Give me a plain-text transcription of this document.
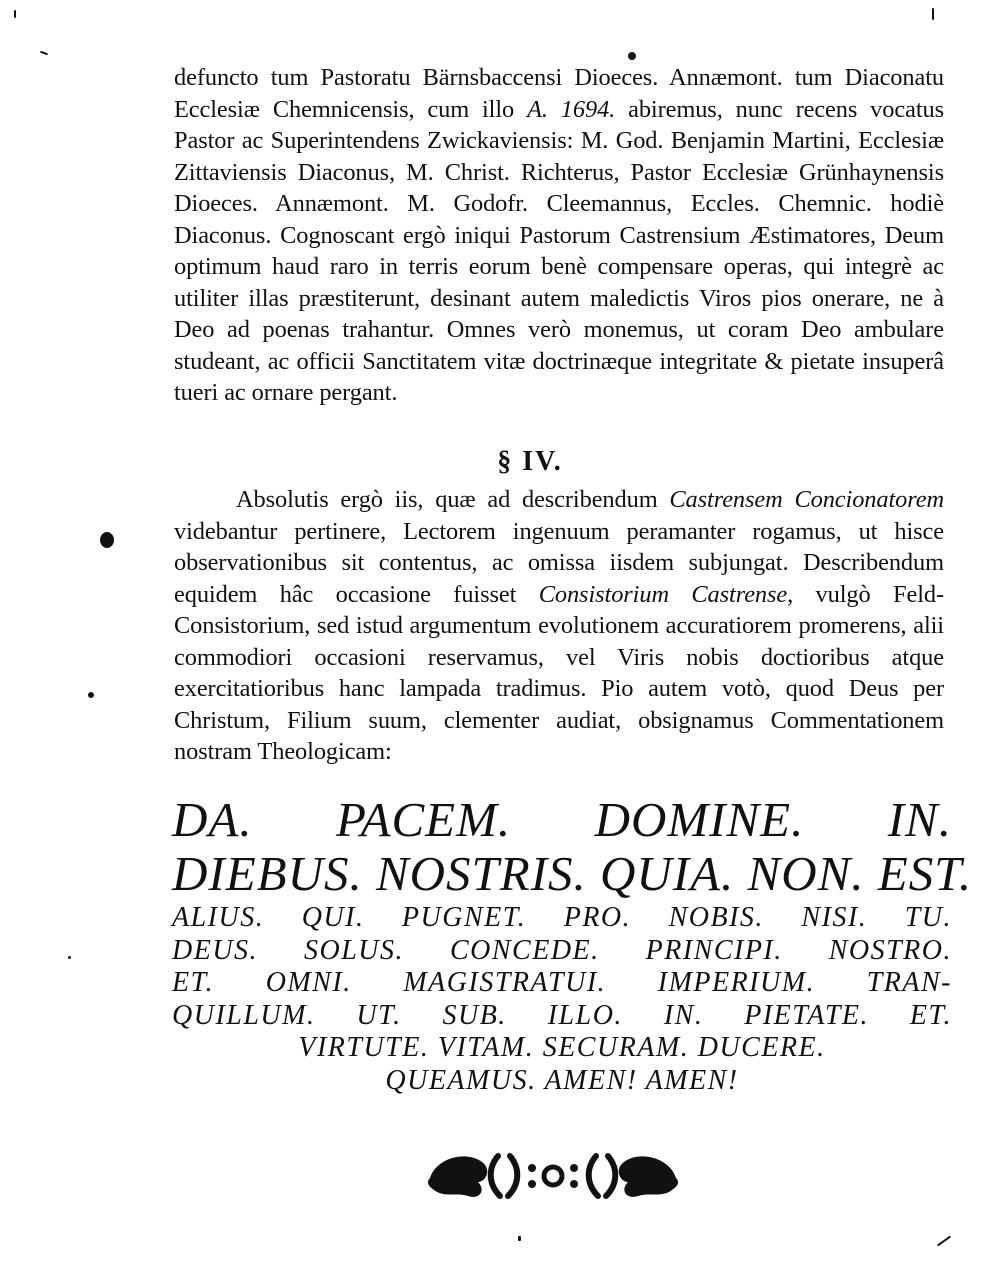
defuncto tum Pastoratu Bärnsbaccensi Dioeces. Annæmont. tum Diaconatu Ecclesiæ Chemnicensis, cum illo A. 1694. abiremus, nunc recens vocatus Pastor ac Superintendens Zwickaviensis: M. God. Benjamin Martini, Ecclesiæ Zittaviensis Diaconus, M. Christ. Richterus, Pastor Ecclesiæ Grünhaynensis Dioeces. Annæmont. M. Godofr. Cleemannus, Eccles. Chemnic. hodiè Diaconus. Cognoscant ergò iniqui Pastorum Castrensium Æstimatores, Deum optimum haud raro in terris eorum benè compensare operas, qui integrè ac utiliter illas præstiterunt, desinant autem maledictis Viros pios onerare, ne à Deo ad poenas trahantur. Omnes verò monemus, ut coram Deo ambulare studeant, ac officii Sanctitatem vitæ doctrinæque integritate & pietate insuperâ tueri ac ornare pergant.

§ IV.

Absolutis ergò iis, quæ ad describendum Castrensem Concionatorem videbantur pertinere, Lectorem ingenuum peramanter rogamus, ut hisce observationibus sit contentus, ac omissa iisdem subjungat. Describendum equidem hâc occasione fuisset Consistorium Castrense, vulgò Feld-Consistorium, sed istud argumentum evolutionem accuratiorem promerens, alii commodiori occasioni reservamus, vel Viris nobis doctioribus atque exercitatioribus hanc lampada tradimus. Pio autem votò, quod Deus per Christum, Filium suum, clementer audiat, obsignamus Commentationem nostram Theologicam:

DA. PACEM. DOMINE. IN.
DIEBUS. NOSTRIS. QUIA. NON. EST.
ALIUS. QUI. PUGNET. PRO. NOBIS. NISI. TU.
DEUS. SOLUS. CONCEDE. PRINCIPI. NOSTRO.
ET. OMNI. MAGISTRATUI. IMPERIUM. TRAN-
QUILLUM. UT. SUB. ILLO. IN. PIETATE. ET.
VIRTUTE. VITAM. SECURAM. DUCERE.
QUEAMUS. AMEN! AMEN!
